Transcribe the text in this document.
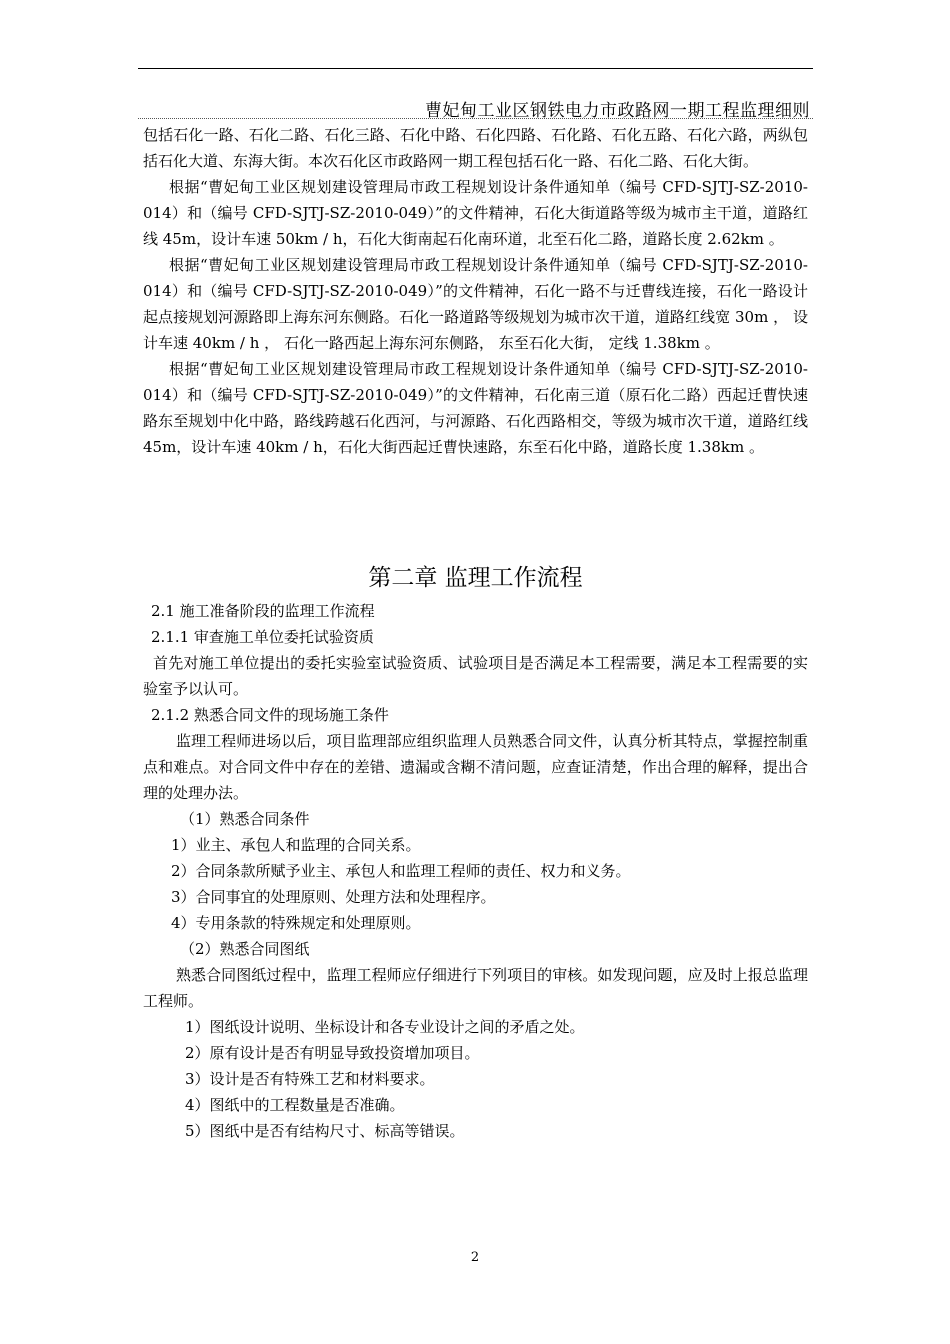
曹妃甸工业区钢铁电力市政路网一期工程监理细则

包括石化一路、石化二路、石化三路、石化中路、石化四路、石化路、石化五路、石化六路，两纵包括石化大道、东海大街。本次石化区市政路网一期工程包括石化一路、石化二路、石化大街。

根据“曹妃甸工业区规划建设管理局市政工程规划设计条件通知单（编号 CFD-SJTJ-SZ-2010-014）和（编号 CFD-SJTJ-SZ-2010-049）”的文件精神，石化大街道路等级为城市主干道，道路红线 45m，设计车速 50km / h，石化大街南起石化南环道，北至石化二路，道路长度 2.62km 。

根据“曹妃甸工业区规划建设管理局市政工程规划设计条件通知单（编号 CFD-SJTJ-SZ-2010-014）和（编号 CFD-SJTJ-SZ-2010-049）”的文件精神，石化一路不与迁曹线连接，石化一路设计起点接规划河源路即上海东河东侧路。石化一路道路等级规划为城市次干道，道路红线宽 30m ， 设计车速 40km / h ， 石化一路西起上海东河东侧路， 东至石化大街， 定线 1.38km 。

根据“曹妃甸工业区规划建设管理局市政工程规划设计条件通知单（编号 CFD-SJTJ-SZ-2010-014）和（编号 CFD-SJTJ-SZ-2010-049）”的文件精神，石化南三道（原石化二路）西起迁曹快速路东至规划中化中路，路线跨越石化西河，与河源路、石化西路相交，等级为城市次干道，道路红线 45m，设计车速 40km / h，石化大街西起迁曹快速路，东至石化中路，道路长度 1.38km 。

第二章 监理工作流程

2.1 施工准备阶段的监理工作流程

2.1.1 审查施工单位委托试验资质

首先对施工单位提出的委托实验室试验资质、试验项目是否满足本工程需要，满足本工程需要的实验室予以认可。

2.1.2 熟悉合同文件的现场施工条件

监理工程师进场以后，项目监理部应组织监理人员熟悉合同文件，认真分析其特点，掌握控制重点和难点。对合同文件中存在的差错、遗漏或含糊不清问题，应查证清楚，作出合理的解释，提出合理的处理办法。

（1）熟悉合同条件

1）业主、承包人和监理的合同关系。

2）合同条款所赋予业主、承包人和监理工程师的责任、权力和义务。

3）合同事宜的处理原则、处理方法和处理程序。

4）专用条款的特殊规定和处理原则。

（2）熟悉合同图纸

熟悉合同图纸过程中，监理工程师应仔细进行下列项目的审核。如发现问题，应及时上报总监理工程师。

1）图纸设计说明、坐标设计和各专业设计之间的矛盾之处。

2）原有设计是否有明显导致投资增加项目。

3）设计是否有特殊工艺和材料要求。

4）图纸中的工程数量是否准确。

5）图纸中是否有结构尺寸、标高等错误。

2
